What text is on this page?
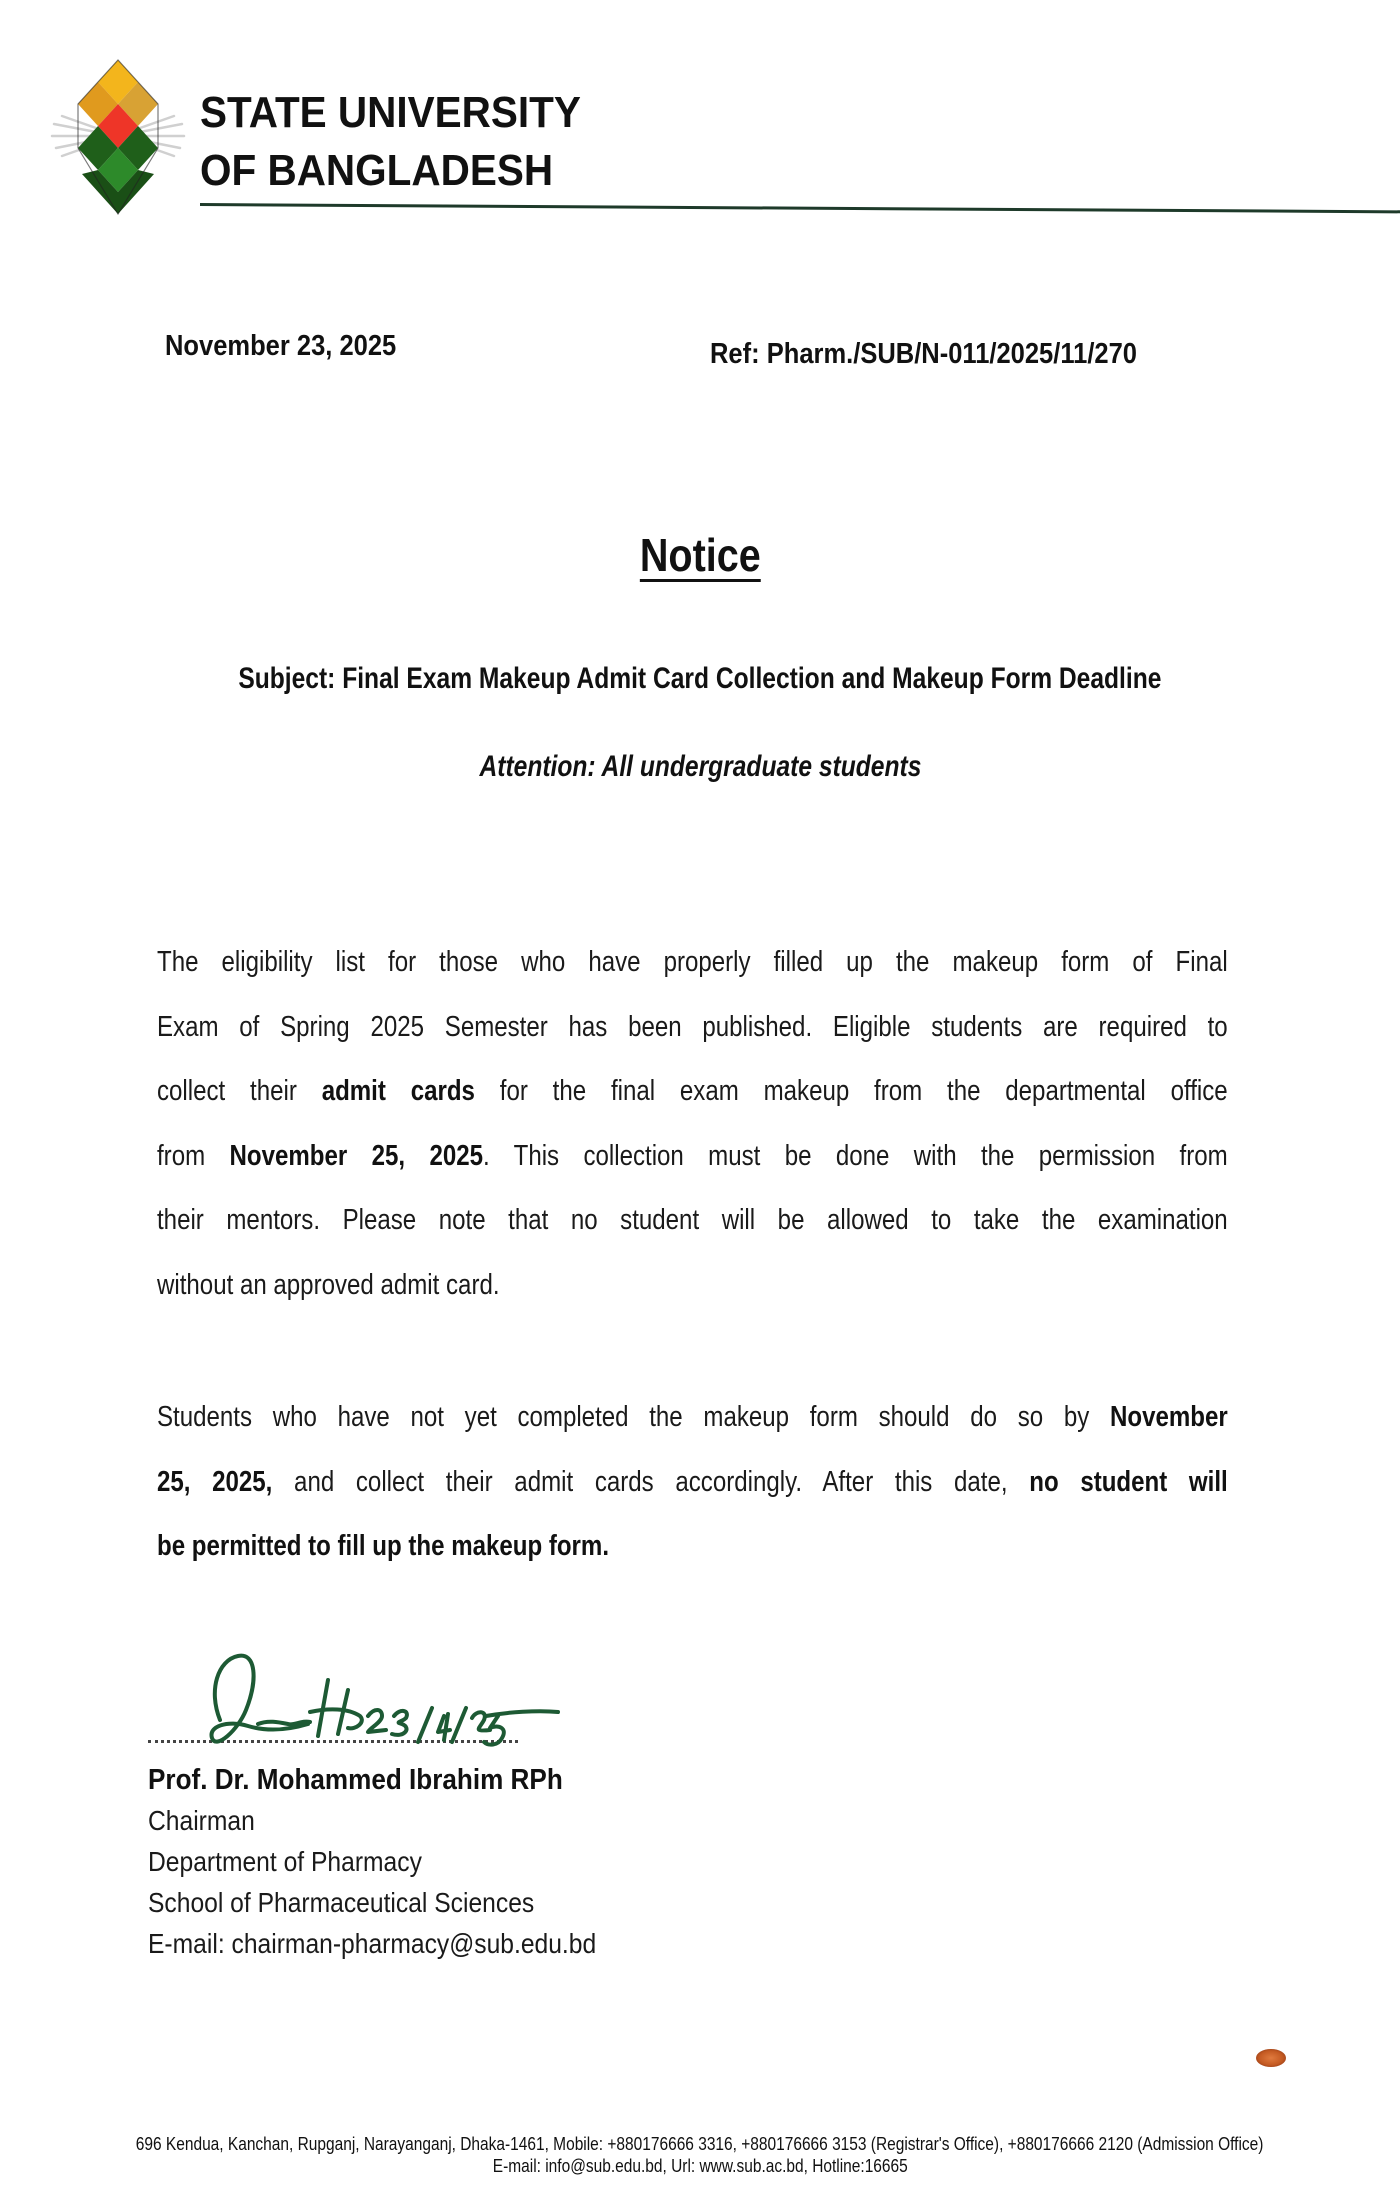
STATE UNIVERSITY
OF BANGLADESH
November 23, 2025	Ref: Pharm./SUB/N-011/2025/11/270
Notice
Subject: Final Exam Makeup Admit Card Collection and Makeup Form Deadline
Attention: All undergraduate students
The eligibility list for those who have properly filled up the makeup form of Final
Exam of Spring 2025 Semester has been published. Eligible students are required to
collect their admit cards for the final exam makeup from the departmental office
from November 25, 2025. This collection must be done with the permission from
their mentors. Please note that no student will be allowed to take the examination
without an approved admit card.
Students who have not yet completed the makeup form should do so by November
25, 2025, and collect their admit cards accordingly. After this date, no student will
be permitted to fill up the makeup form.
Prof. Dr. Mohammed Ibrahim RPh
Chairman
Department of Pharmacy
School of Pharmaceutical Sciences
E-mail: chairman-pharmacy@sub.edu.bd
696 Kendua, Kanchan, Rupganj, Narayanganj, Dhaka-1461, Mobile: +880176666 3316, +880176666 3153 (Registrar's Office), +880176666 2120 (Admission Office)
E-mail: info@sub.edu.bd, Url: www.sub.ac.bd, Hotline:16665
